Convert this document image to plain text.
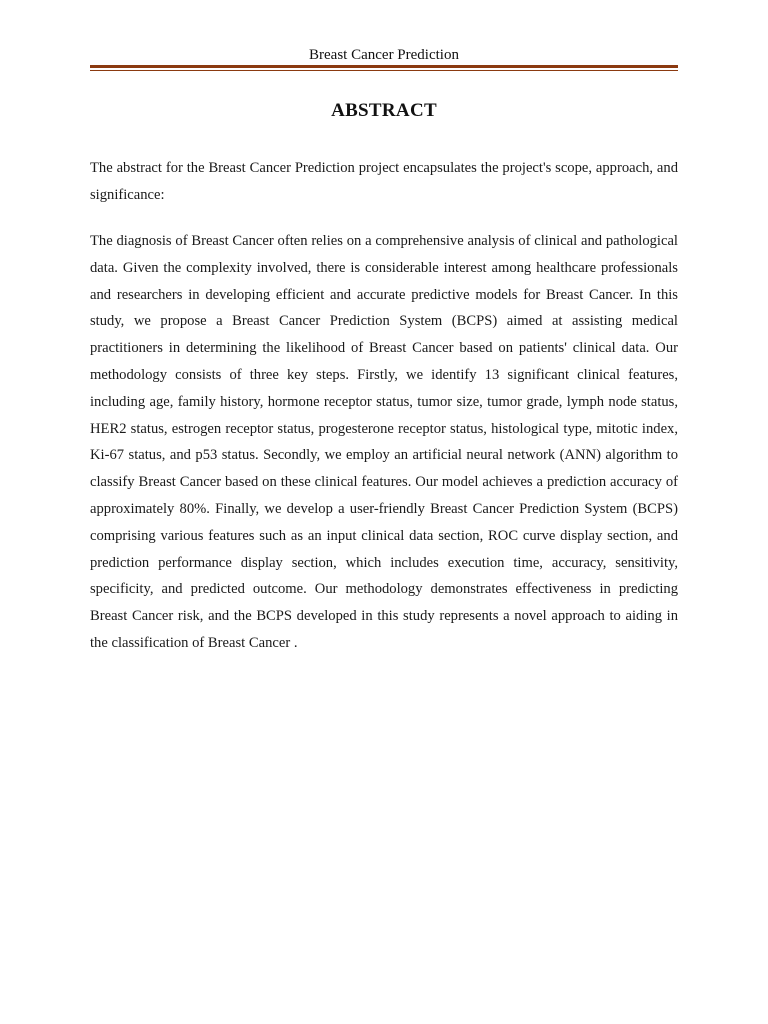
Breast Cancer Prediction
ABSTRACT

The abstract for the Breast Cancer Prediction project encapsulates the project's scope, approach, and significance:

The diagnosis of Breast Cancer often relies on a comprehensive analysis of clinical and pathological data. Given the complexity involved, there is considerable interest among healthcare professionals and researchers in developing efficient and accurate predictive models for Breast Cancer. In this study, we propose a Breast Cancer Prediction System (BCPS) aimed at assisting medical practitioners in determining the likelihood of Breast Cancer based on patients' clinical data. Our methodology consists of three key steps. Firstly, we identify 13 significant clinical features, including age, family history, hormone receptor status, tumor size, tumor grade, lymph node status, HER2 status, estrogen receptor status, progesterone receptor status, histological type, mitotic index, Ki-67 status, and p53 status. Secondly, we employ an artificial neural network (ANN) algorithm to classify Breast Cancer based on these clinical features. Our model achieves a prediction accuracy of approximately 80%. Finally, we develop a user-friendly Breast Cancer Prediction System (BCPS) comprising various features such as an input clinical data section, ROC curve display section, and prediction performance display section, which includes execution time, accuracy, sensitivity, specificity, and predicted outcome. Our methodology demonstrates effectiveness in predicting Breast Cancer risk, and the BCPS developed in this study represents a novel approach to aiding in the classification of Breast Cancer .
